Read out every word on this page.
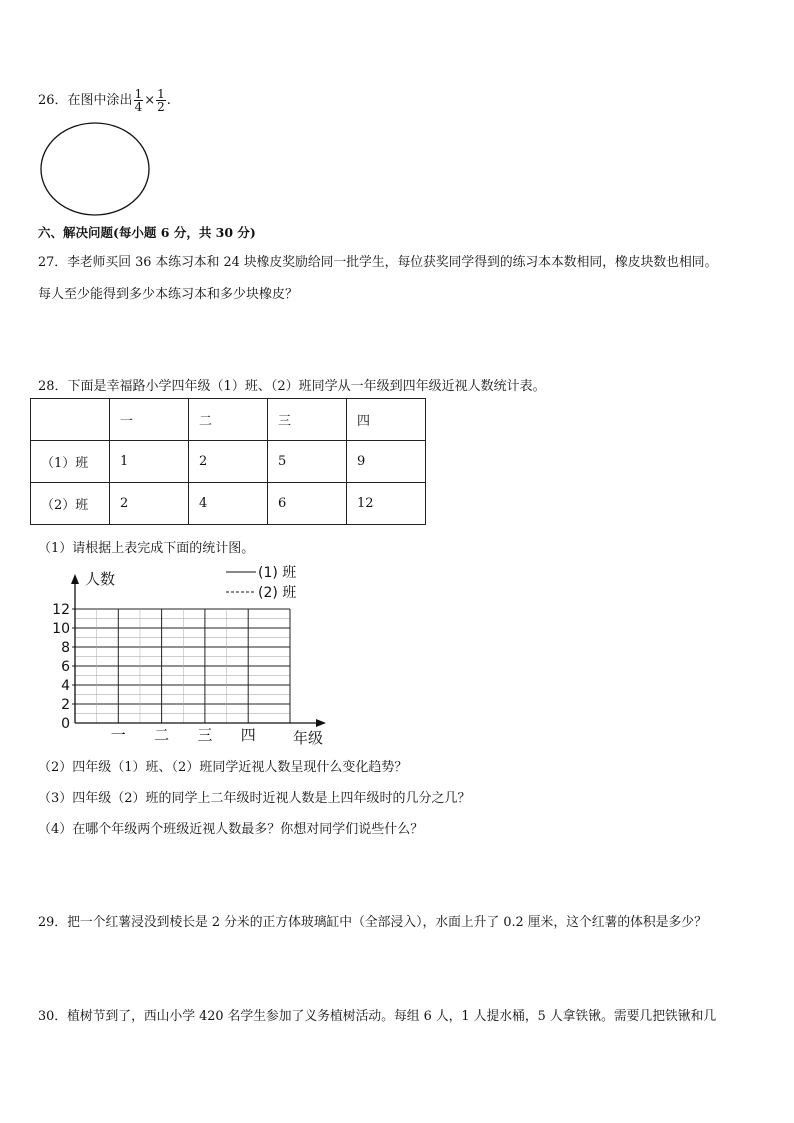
26．在图中涂出 $\frac{1}{4} \times \frac{1}{2}$ .
六、解决问题(每小题 6 分，共 30 分)
27．李老师买回 36 本练习本和 24 块橡皮奖励给同一批学生，每位获奖同学得到的练习本本数相同，橡皮块数也相同。
每人至少能得到多少本练习本和多少块橡皮？
28．下面是幸福路小学四年级（1）班、（2）班同学从一年级到四年级近视人数统计表。
	一	二	三	四
（1）班	1	2	5	9
（2）班	2	4	6	12
（1）请根据上表完成下面的统计图。
0
2
4
6
8
10
12
一 二 三 四
人数
年级
(1) 班
(2) 班
（2）四年级（1）班、（2）班同学近视人数呈现什么变化趋势？
（3）四年级（2）班的同学上二年级时近视人数是上四年级时的几分之几？
（4）在哪个年级两个班级近视人数最多？你想对同学们说些什么？
29．把一个红薯浸没到棱长是 2 分米的正方体玻璃缸中（全部浸入），水面上升了 0.2 厘米，这个红薯的体积是多少？
30．植树节到了，西山小学 420 名学生参加了义务植树活动。每组 6 人，1 人提水桶，5 人拿铁锹。需要几把铁锹和几
